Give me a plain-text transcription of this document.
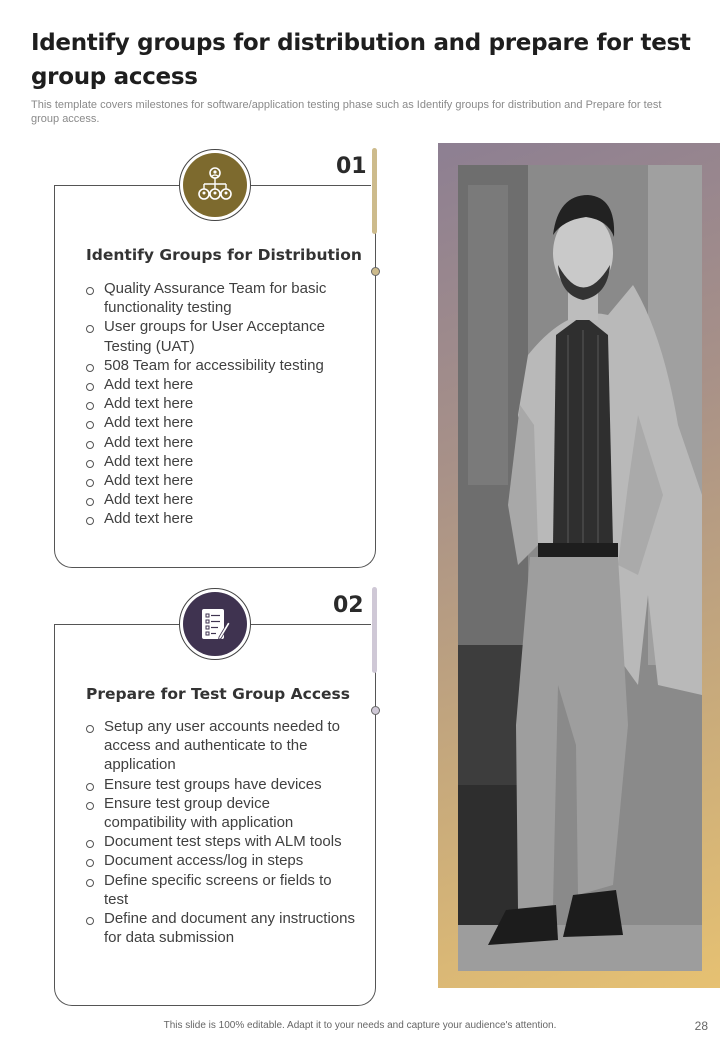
Identify groups for distribution and prepare for test group access

This template covers milestones for software/application testing phase such as Identify groups for distribution and Prepare for test group access.

01
Identify Groups for Distribution
Quality Assurance Team for basic functionality testing
User groups for User Acceptance Testing (UAT)
508 Team for accessibility testing
Add text here
Add text here
Add text here
Add text here
Add text here
Add text here
Add text here
Add text here
02
Prepare for Test Group Access
Setup any user accounts needed to access and authenticate to the application
Ensure test groups have devices
Ensure test group device compatibility with application
Document test steps with ALM tools
Document access/log in steps
Define specific screens or fields to test
Define and document any instructions for data submission
This slide is 100% editable. Adapt it to your needs and capture your audience's attention.	28
